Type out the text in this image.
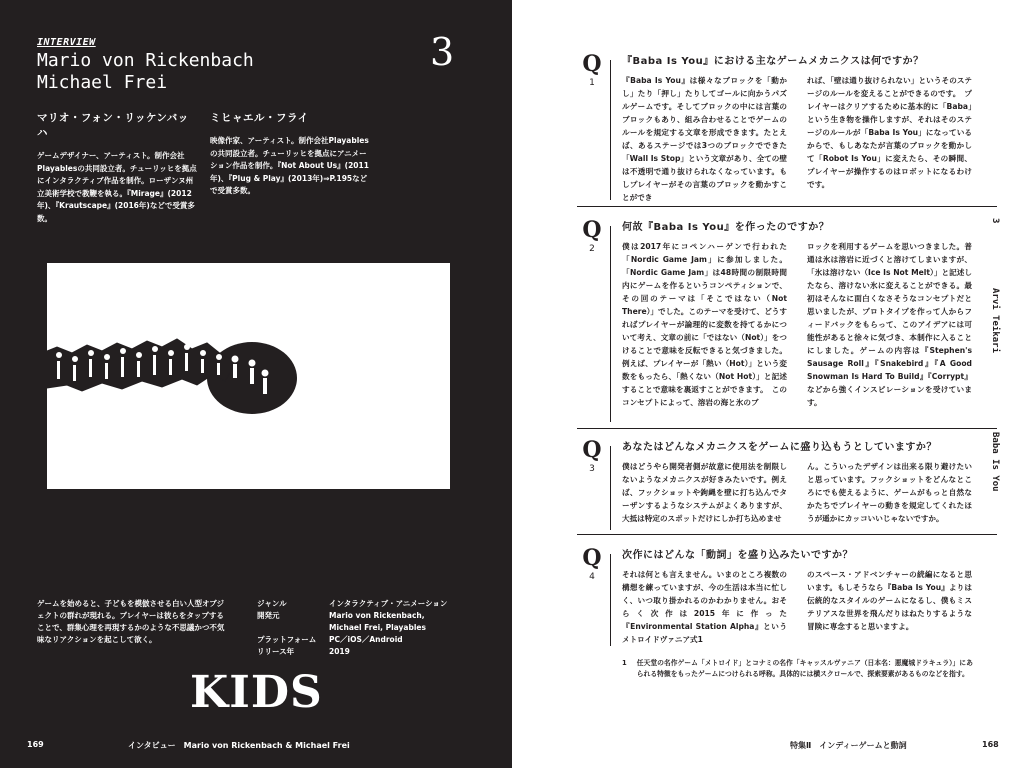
INTERVIEW
Mario von Rickenbach
Michael Frei
3
マリオ・フォン・リッケンバッハ
ゲームデザイナー、アーティスト。制作会社Playablesの共同設立者。チューリッヒを拠点にインタラクティブ作品を制作。ローザンヌ州立美術学校で教鞭を執る。『Mirage』(2012年)、『Krautscape』(2016年)などで受賞多数。
ミヒャエル・フライ
映像作家、アーティスト。制作会社Playablesの共同設立者。チューリッヒを拠点にアニメーション作品を制作。『Not About Us』(2011年)、『Plug & Play』(2013年)⇒P.195などで受賞多数。
ゲームを始めると、子どもを模倣させる白い人型オブジェクトの群れが現れる。プレイヤーは彼らをタップすることで、群集心理を再現するかのような不思議かつ不気味なリアクションを起こして欲く。
ジャンル	インタラクティブ・アニメーション
開発元	Mario von Rickenbach,
Michael Frei, Playables
プラットフォーム	PC／iOS／Android
リリース年	2019
KIDS
169	インタビュー　Mario von Rickenbach & Michael Frei
Q
1
『Baba Is You』における主なゲームメカニクスは何ですか？
『Baba Is You』は様々なブロックを「動かし」たり「押し」たりしてゴールに向かうパズルゲームです。そしてブロックの中には言葉のブロックもあり、組み合わせることでゲームのルールを規定する文章を形成できます。たとえば、あるステージでは3つのブロックでできた「Wall Is Stop」という文章があり、全ての壁は不透明で通り抜けられなくなっています。もしプレイヤーがその言葉のブロックを動かすことができ
れば、「壁は通り抜けられない」というそのステージのルールを変えることができるのです。　プレイヤーはクリアするために基本的に「Baba」という生き物を操作しますが、それはそのステージのルールが「Baba Is You」になっているからで、もしあなたが言葉のブロックを動かして「Robot Is You」に変えたら、その瞬間、プレイヤーが操作するのはロボットになるわけです。
Q
2
何故『Baba Is You』を作ったのですか？
僕は2017年にコペンハーゲンで行われた「Nordic Game Jam」に参加しました。「Nordic Game Jam」は48時間の制限時間内にゲームを作るというコンペティションで、その回のテーマは「そこではない（Not There）」でした。このテーマを受けて、どうすればプレイヤーが論理的に変数を持てるかについて考え、文章の前に「ではない（Not）」をつけることで意味を反転できると気づきました。例えば、プレイヤーが「熱い（Hot）」という変数をもったら、「熱くない（Not Hot）」と記述することで意味を裏返すことができます。　このコンセプトによって、溶岩の海と氷のブ
ロックを利用するゲームを思いつきました。普通は氷は溶岩に近づくと溶けてしまいますが、「氷は溶けない（Ice Is Not Melt）」と記述したなら、溶けない氷に変えることができる。最初はそんなに面白くなさそうなコンセプトだと思いましたが、プロトタイプを作って人からフィードバックをもらって、このアイデアには可能性があると徐々に気づき、本制作に入ることにしました。ゲームの内容は『Stephen's Sausage Roll』『Snakebird』『A Good Snowman Is Hard To Build』『Corrypt』などから強くインスピレーションを受けています。
Q
3
あなたはどんなメカニクスをゲームに盛り込もうとしていますか？
僕はどうやら開発者側が故意に使用法を制限しないようなメカニクスが好きみたいです。例えば、フックショットや鉤縄を壁に打ち込んでターザンするようなシステムがよくありますが、大抵は特定のスポットだけにしか打ち込めませ
ん。こういったデザインは出来る限り避けたいと思っています。フックショットをどんなところにでも使えるように、ゲームがもっと自然なかたちでプレイヤーの動きを規定してくれたほうが遥かにカッコいいじゃないですか。
Q
4
次作にはどんな「動詞」を盛り込みたいですか？
それは何とも言えません。いまのところ複数の構想を練っていますが、今の生活は本当に忙しく、いつ取り掛かれるのかわかりません。おそらく次作は2015年に作った『Environmental Station Alpha』というメトロイドヴァニア式1
のスペース・アドベンチャーの続編になると思います。もしそうなら『Baba Is You』よりは伝統的なスタイルのゲームになるし、僕もミステリアスな世界を飛んだりはねたりするような冒険に専念すると思いますよ。
1 任天堂の名作ゲーム「メトロイド」とコナミの名作「キャッスルヴァニア（日本名：悪魔城ドラキュラ）」にあられる特徴をもったゲームにつけられる呼称。具体的には横スクロールで、探索要素があるものなどを指す。
3
Arvi Teikari
Baba Is You
特集Ⅱ　インディーゲームと動詞	168
